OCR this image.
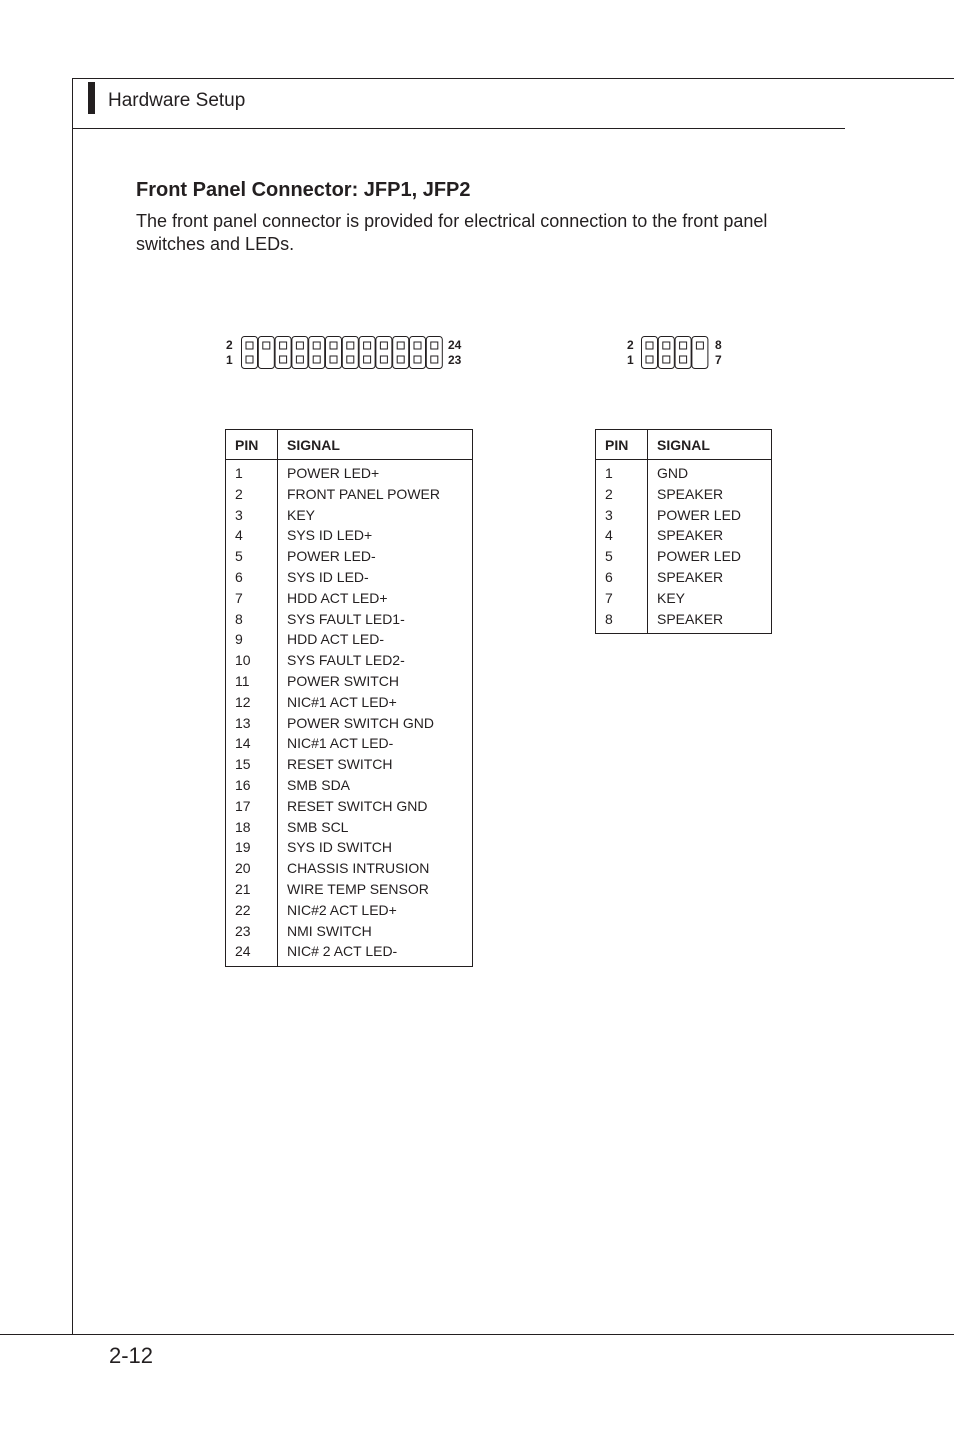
Hardware Setup
Front Panel Connector: JFP1, JFP2

The front panel connector is provided for electrical connection to the front panel switches and LEDs.

2
1
24
23
2
1
8
7
PIN	SIGNAL
1	POWER LED+
2	FRONT PANEL POWER
3	KEY
4	SYS ID LED+
5	POWER LED-
6	SYS ID LED-
7	HDD ACT LED+
8	SYS FAULT LED1-
9	HDD ACT LED-
10	SYS FAULT LED2-
11	POWER SWITCH
12	NIC#1 ACT LED+
13	POWER SWITCH GND
14	NIC#1 ACT LED-
15	RESET SWITCH
16	SMB SDA
17	RESET SWITCH GND
18	SMB SCL
19	SYS ID SWITCH
20	CHASSIS INTRUSION
21	WIRE TEMP SENSOR
22	NIC#2 ACT LED+
23	NMI SWITCH
24	NIC# 2 ACT LED-
PIN	SIGNAL
1	GND
2	SPEAKER
3	POWER LED
4	SPEAKER
5	POWER LED
6	SPEAKER
7	KEY
8	SPEAKER
2-12
